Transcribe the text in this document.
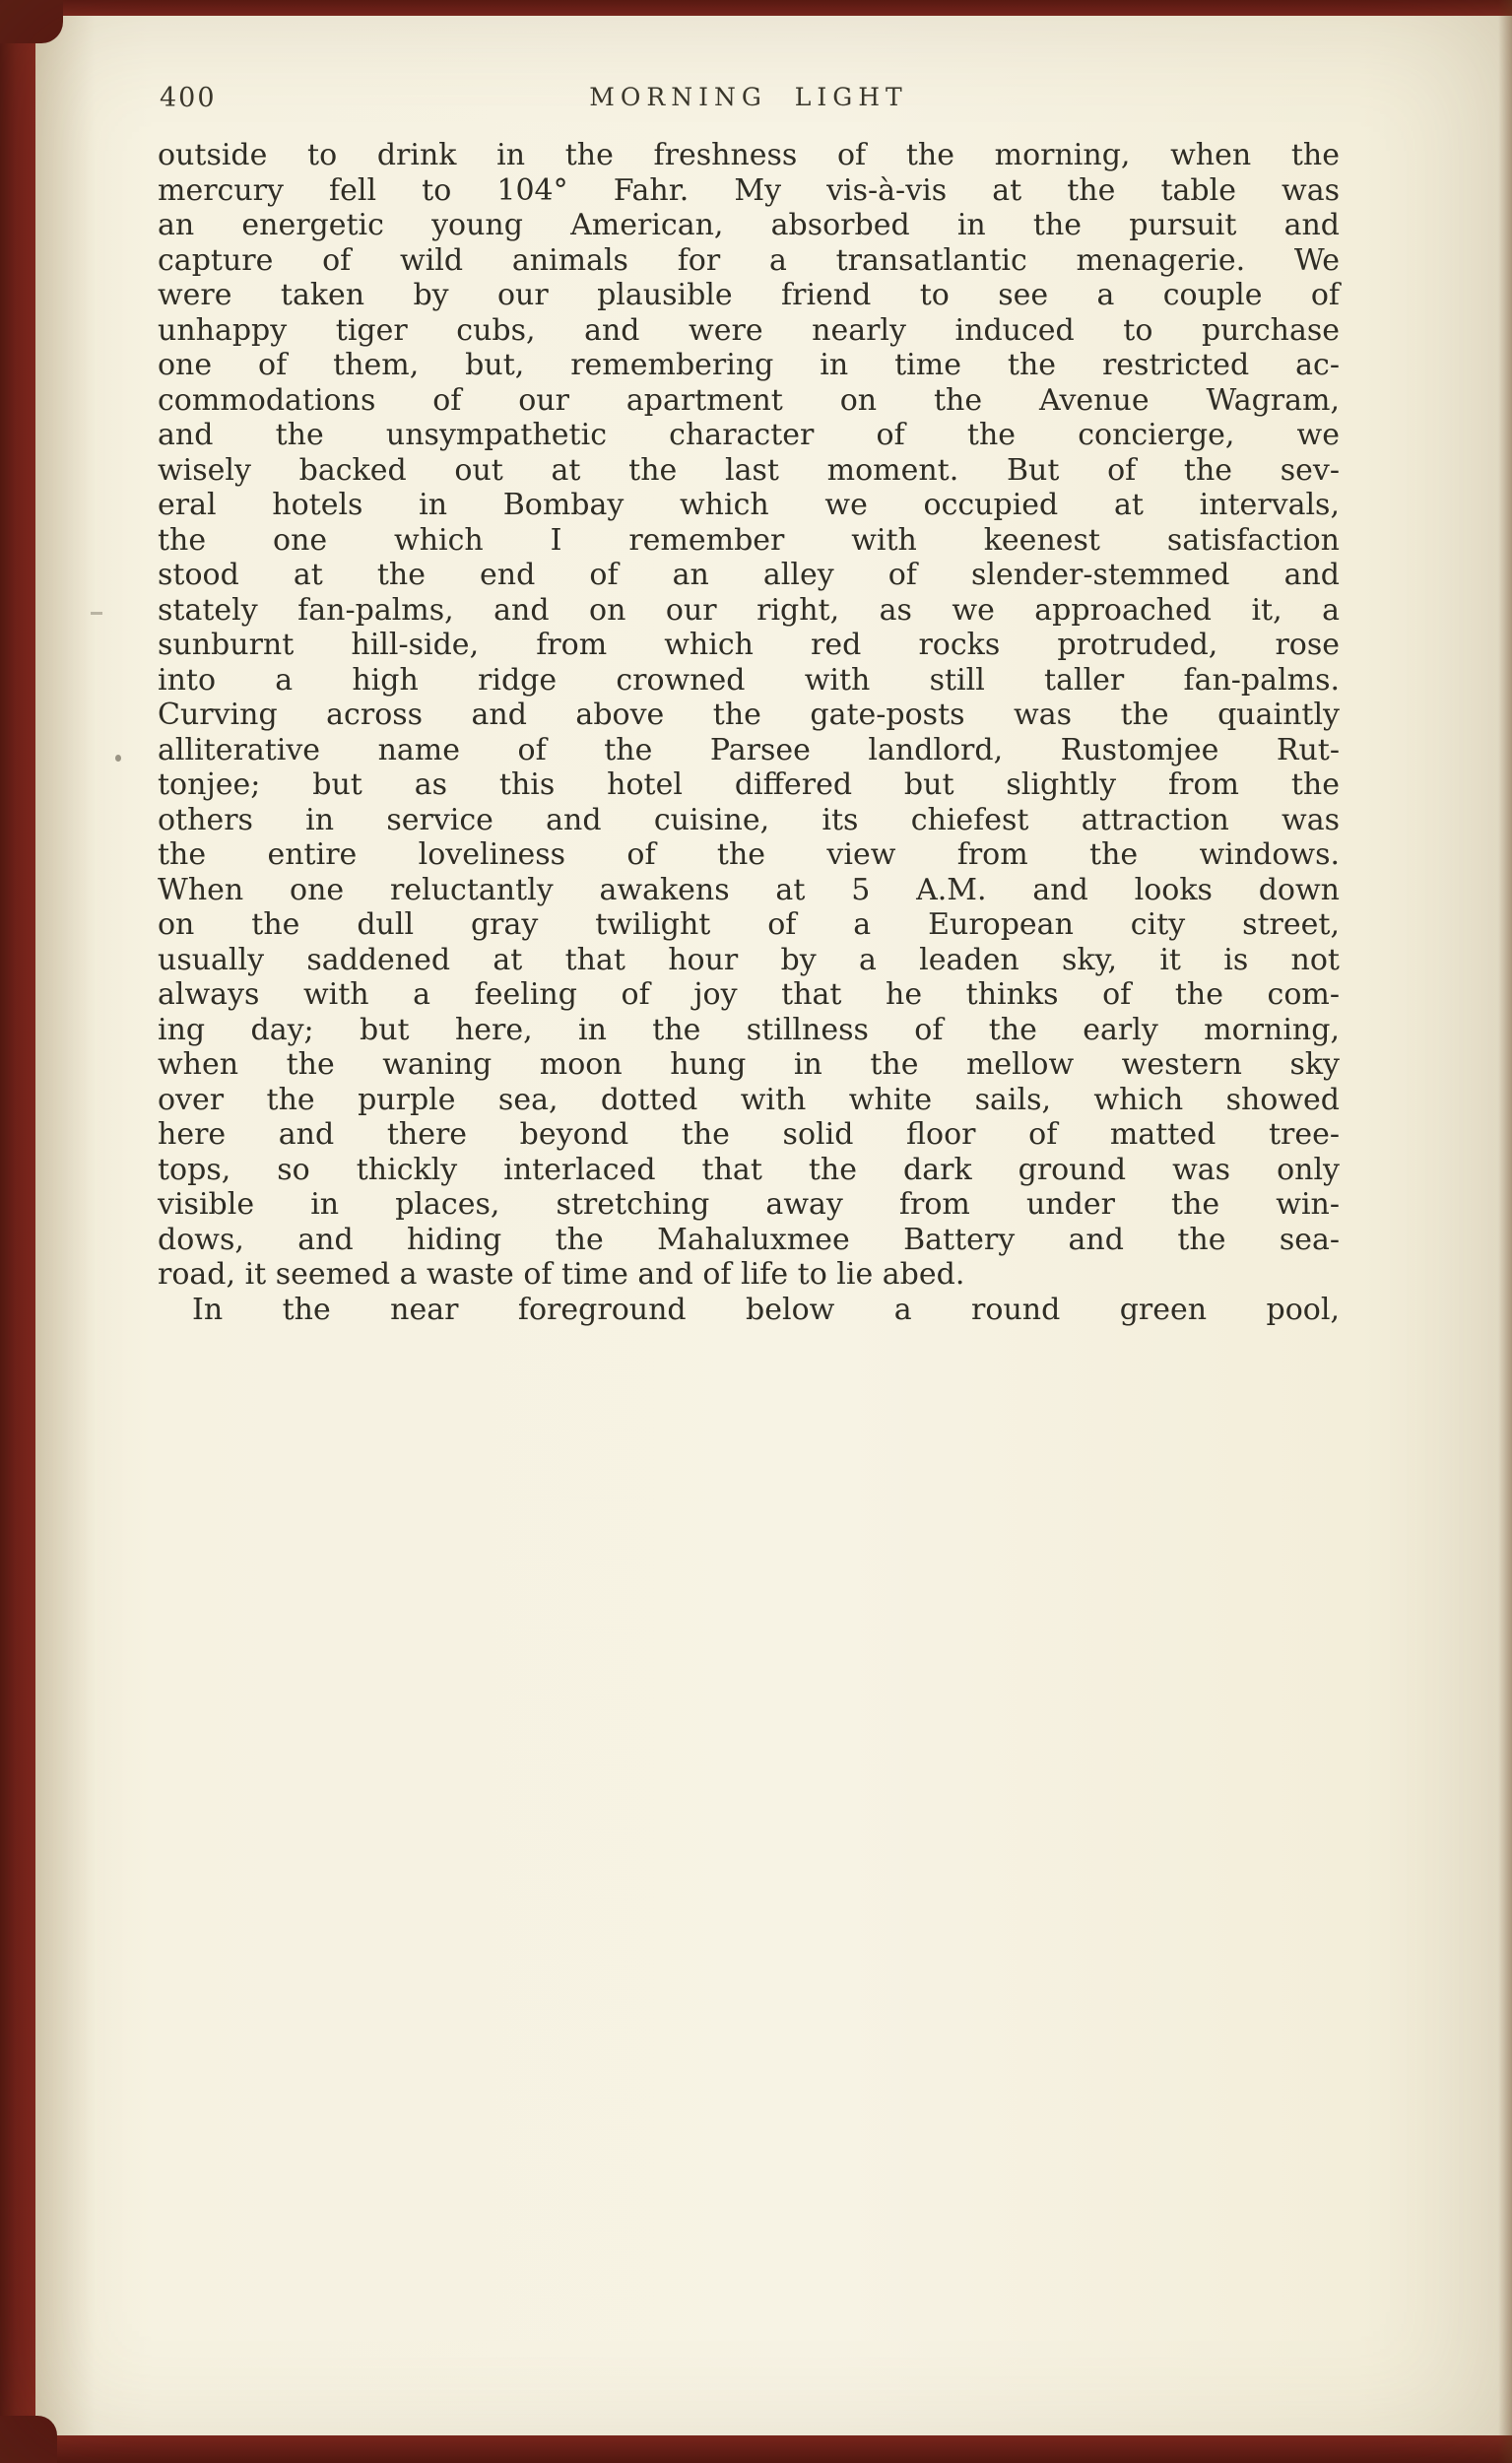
400	MORNING LIGHT
outside to drink in the freshness of the morning, when the
mercury fell to 104° Fahr. My vis-à-vis at the table was
an energetic young American, absorbed in the pursuit and
capture of wild animals for a transatlantic menagerie. We
were taken by our plausible friend to see a couple of
unhappy tiger cubs, and were nearly induced to purchase
one of them, but, remembering in time the restricted ac-
commodations of our apartment on the Avenue Wagram,
and the unsympathetic character of the concierge, we
wisely backed out at the last moment. But of the sev-
eral hotels in Bombay which we occupied at intervals,
the one which I remember with keenest satisfaction
stood at the end of an alley of slender-stemmed and
stately fan-palms, and on our right, as we approached it, a
sunburnt hill-side, from which red rocks protruded, rose
into a high ridge crowned with still taller fan-palms.
Curving across and above the gate-posts was the quaintly
alliterative name of the Parsee landlord, Rustomjee Rut-
tonjee; but as this hotel differed but slightly from the
others in service and cuisine, its chiefest attraction was
the entire loveliness of the view from the windows.
When one reluctantly awakens at 5 A.M. and looks down
on the dull gray twilight of a European city street,
usually saddened at that hour by a leaden sky, it is not
always with a feeling of joy that he thinks of the com-
ing day; but here, in the stillness of the early morning,
when the waning moon hung in the mellow western sky
over the purple sea, dotted with white sails, which showed
here and there beyond the solid floor of matted tree-
tops, so thickly interlaced that the dark ground was only
visible in places, stretching away from under the win-
dows, and hiding the Mahaluxmee Battery and the sea-
road, it seemed a waste of time and of life to lie abed.
In the near foreground below a round green pool,
